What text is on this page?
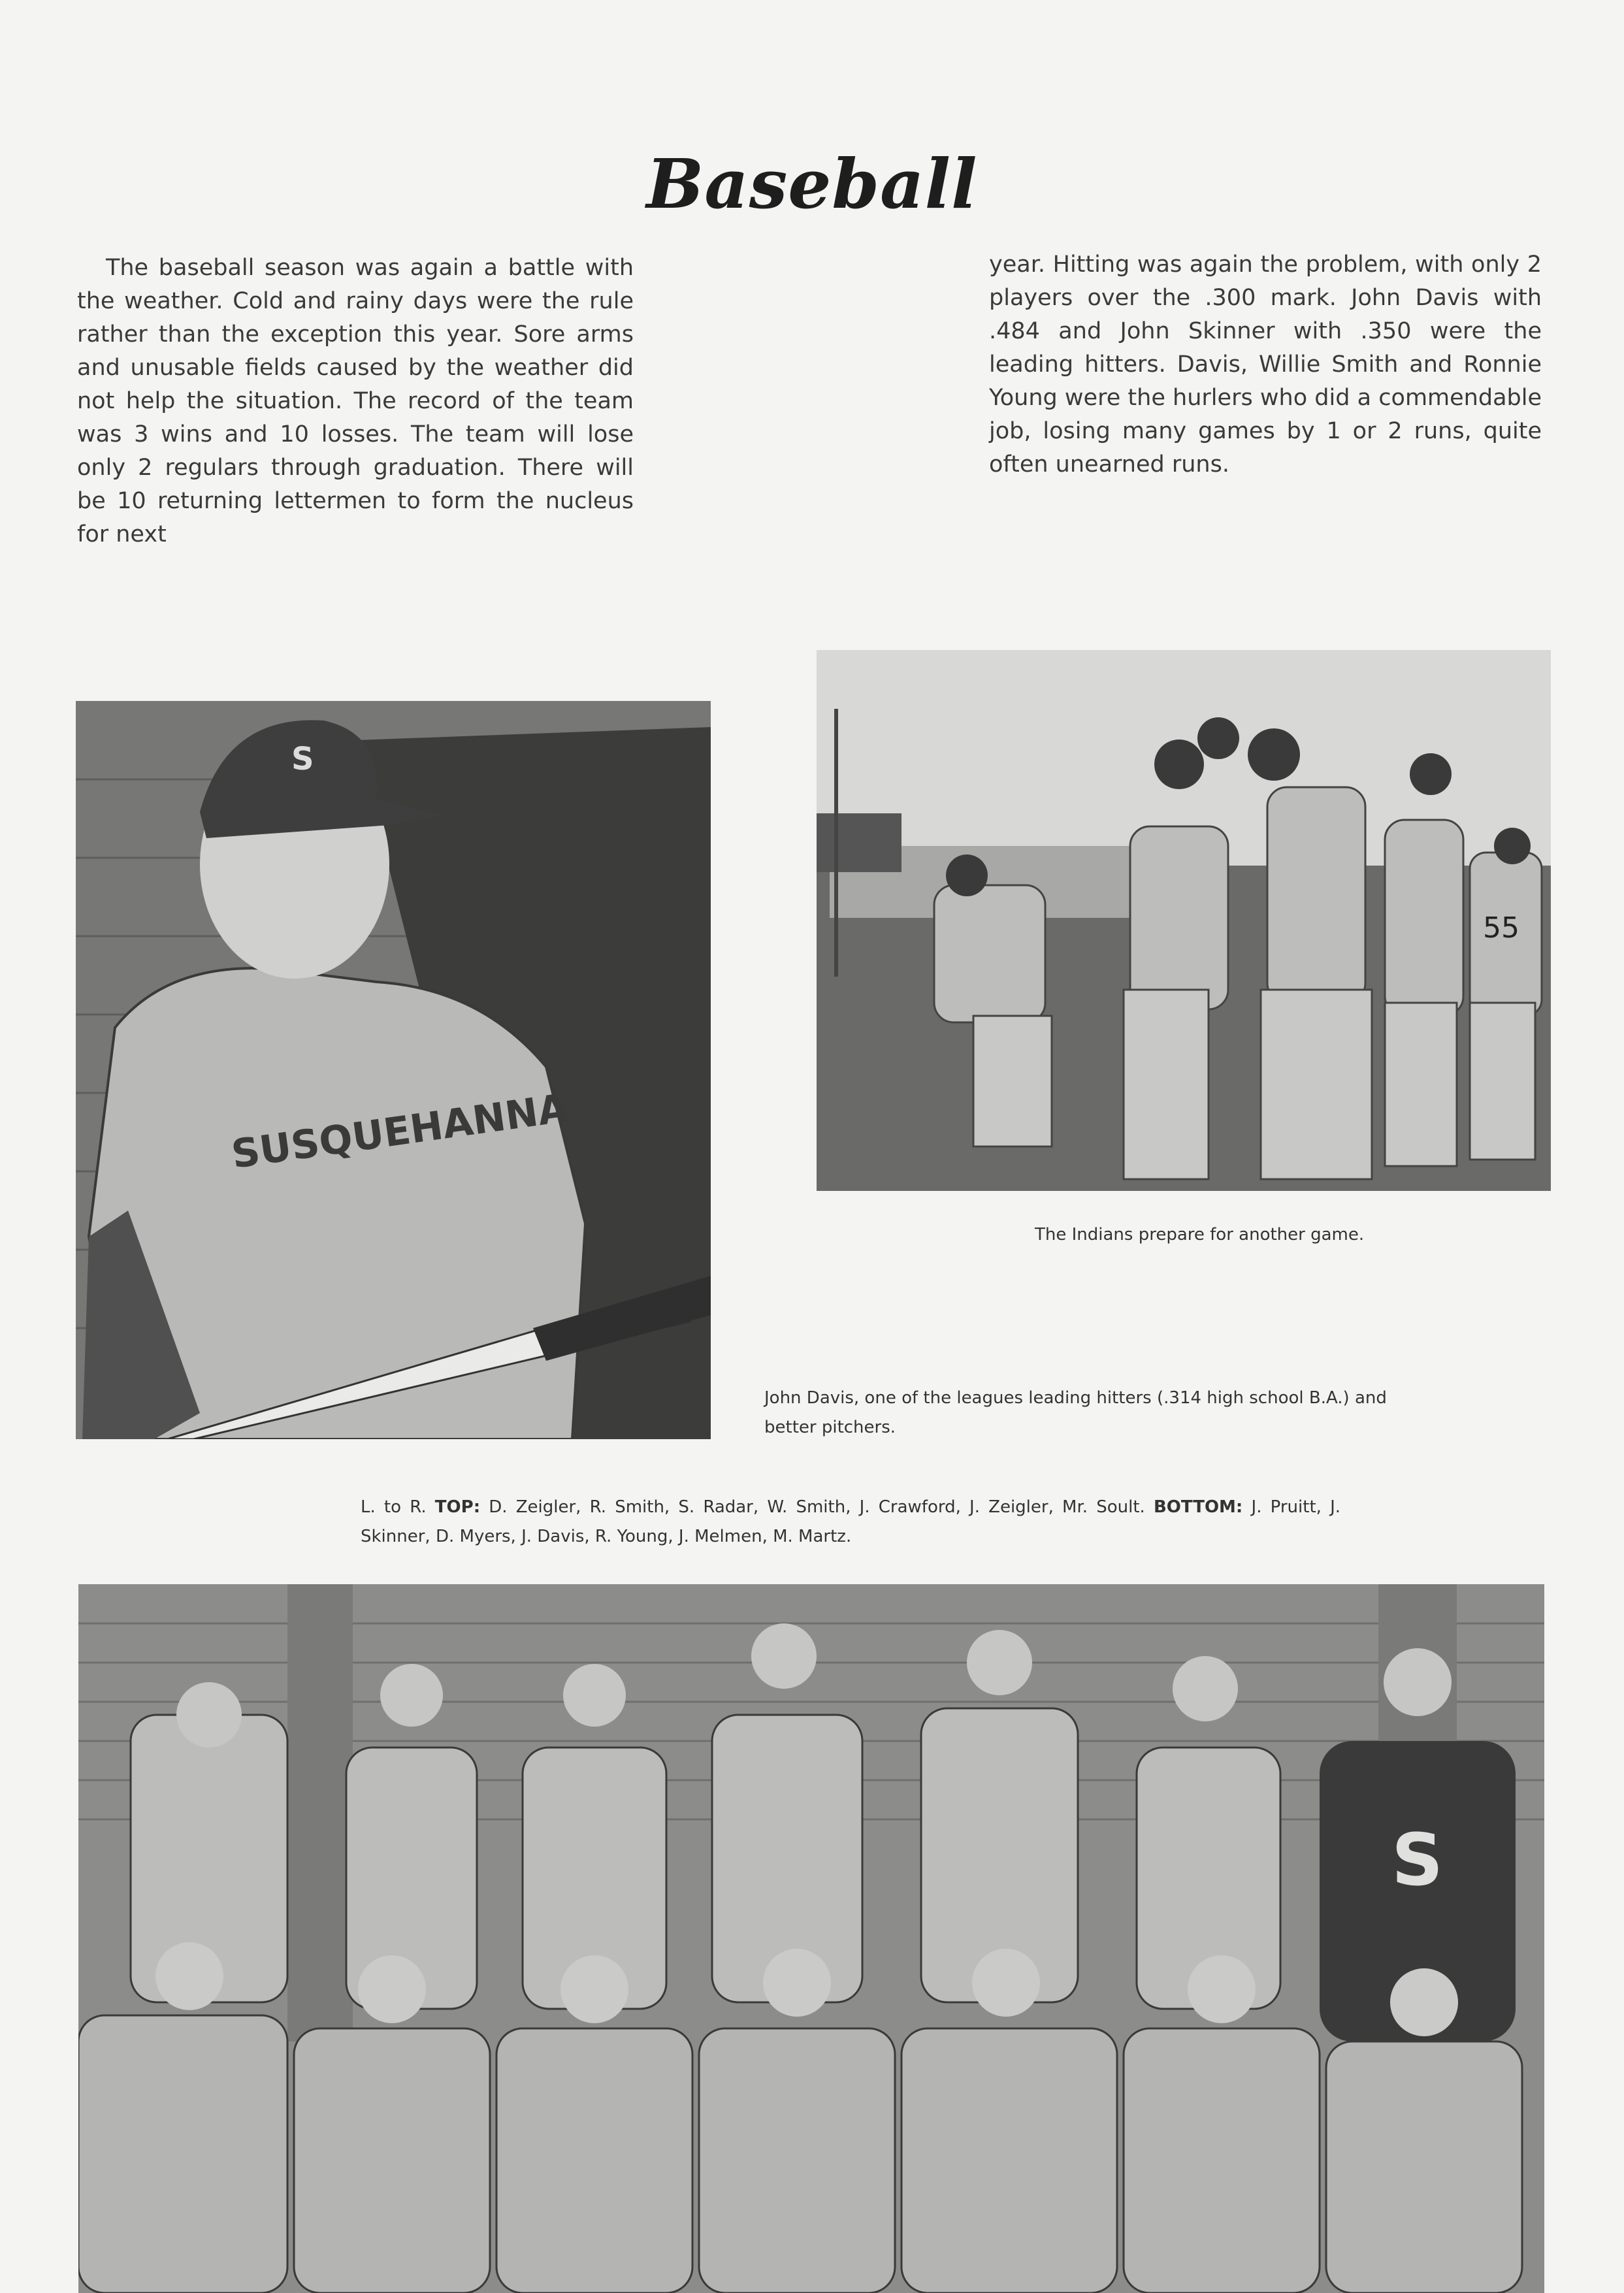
Baseball
The baseball season was again a battle with the weather. Cold and rainy days were the rule rather than the exception this year. Sore arms and unusable fields caused by the weather did not help the situation. The record of the team was 3 wins and 10 losses. The team will lose only 2 regulars through graduation. There will be 10 returning lettermen to form the nucleus for next
year. Hitting was again the problem, with only 2 players over the .300 mark. John Davis with .484 and John Skinner with .350 were the leading hitters. Davis, Willie Smith and Ronnie Young were the hurlers who did a commendable job, losing many games by 1 or 2 runs, quite often unearned runs.
55
S
SUSQUEHANNA
The Indians prepare for another game.
John Davis, one of the leagues leading hitters (.314 high school B.A.) and better pitchers.
L. to R. TOP: D. Zeigler, R. Smith, S. Radar, W. Smith, J. Crawford, J. Zeigler, Mr. Soult. BOTTOM: J. Pruitt, J. Skinner, D. Myers, J. Davis, R. Young, J. Melmen, M. Martz.
S
